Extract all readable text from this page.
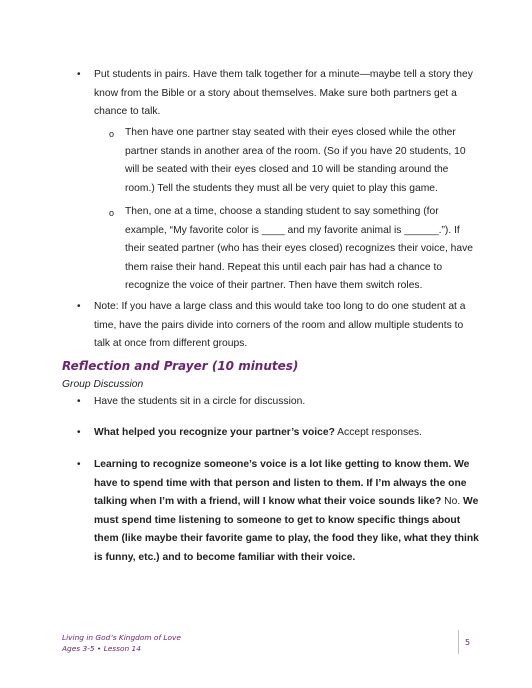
• Put students in pairs. Have them talk together for a minute—maybe tell a story they know from the Bible or a story about themselves. Make sure both partners get a chance to talk.
o Then have one partner stay seated with their eyes closed while the other partner stands in another area of the room. (So if you have 20 students, 10 will be seated with their eyes closed and 10 will be standing around the room.) Tell the students they must all be very quiet to play this game.
o Then, one at a time, choose a standing student to say something (for example, “My favorite color is ____ and my favorite animal is ______.”). If their seated partner (who has their eyes closed) recognizes their voice, have them raise their hand. Repeat this until each pair has had a chance to recognize the voice of their partner. Then have them switch roles.
• Note: If you have a large class and this would take too long to do one student at a time, have the pairs divide into corners of the room and allow multiple students to talk at once from different groups.
Reflection and Prayer (10 minutes)
Group Discussion
• Have the students sit in a circle for discussion.
• What helped you recognize your partner’s voice? Accept responses.
• Learning to recognize someone’s voice is a lot like getting to know them. We have to spend time with that person and listen to them. If I’m always the one talking when I’m with a friend, will I know what their voice sounds like? No. We must spend time listening to someone to get to know specific things about them (like maybe their favorite game to play, the food they like, what they think is funny, etc.) and to become familiar with their voice.
Living in God’s Kingdom of Love
Ages 3-5 • Lesson 14
5
